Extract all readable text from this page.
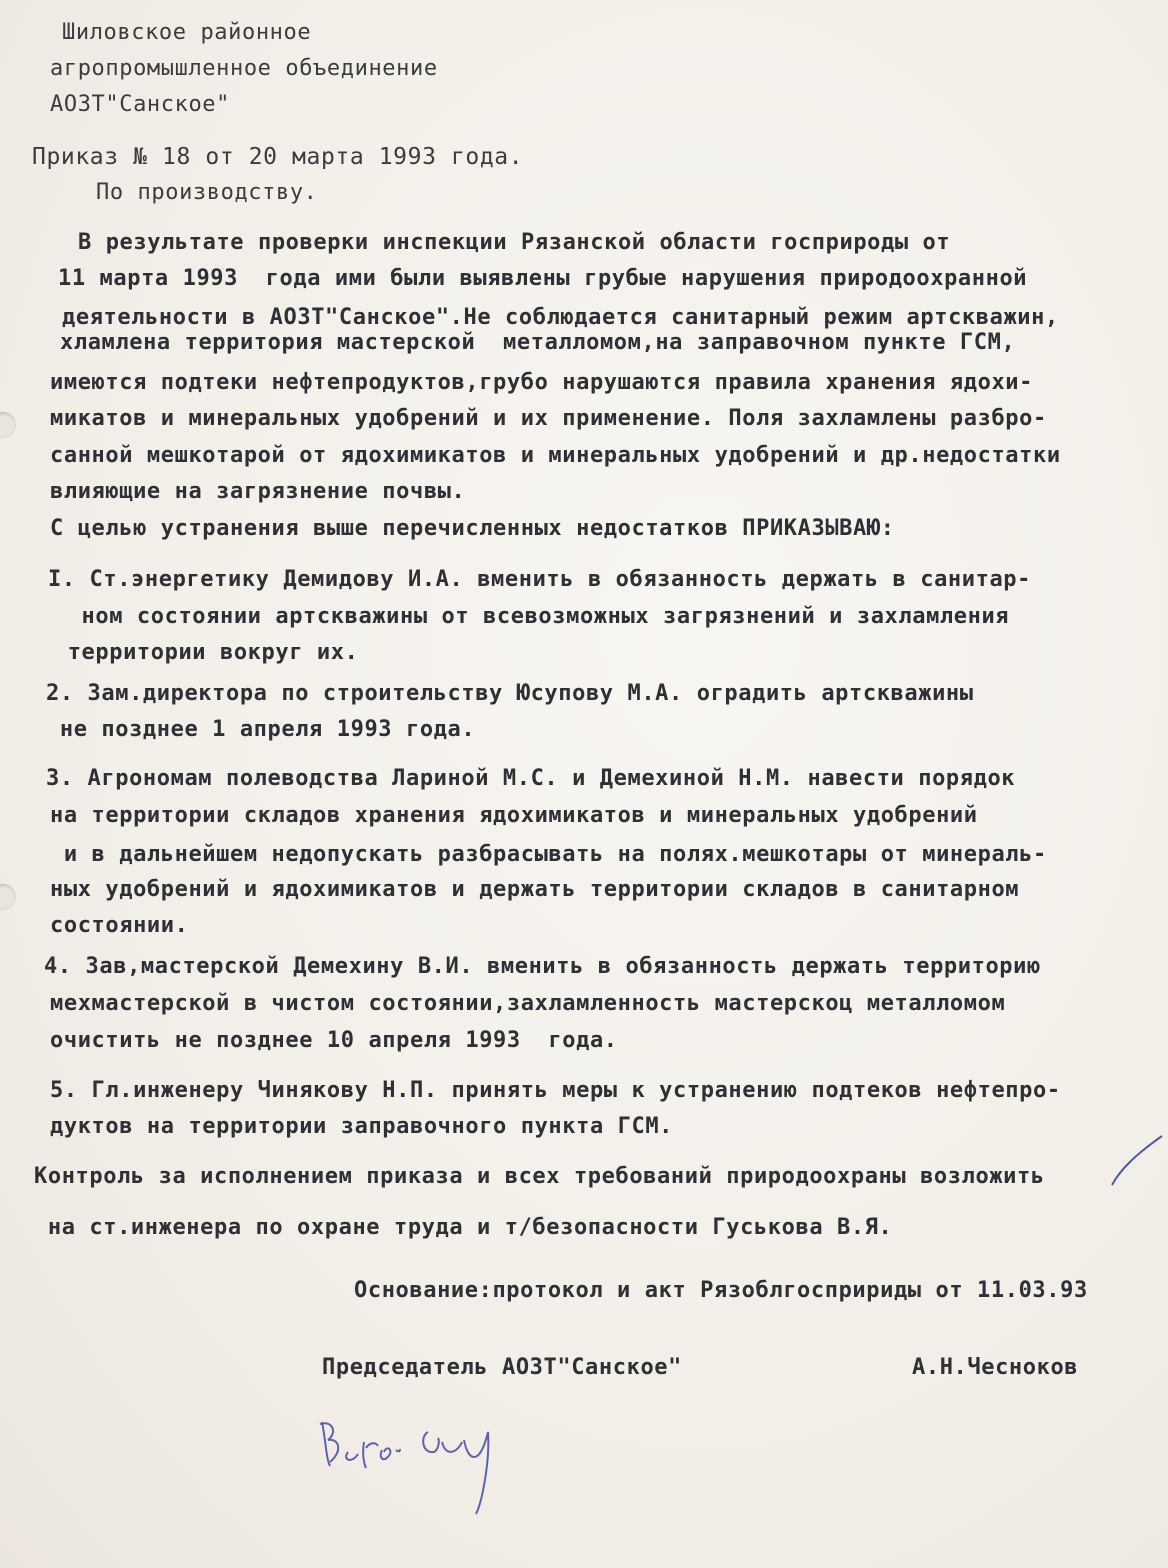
Шиловское районное
агропромышленное объединение
АОЗТ"Санское"
Приказ № 18 от 20 марта 1993 года.
По производству.
В результате проверки инспекции Рязанской области госприроды от
11 марта 1993  года ими были выявлены грубые нарушения природоохранной
деятельности в АОЗТ"Санское".Не соблюдается санитарный режим артскважин,
хламлена территория мастерской  металломом,на заправочном пункте ГСМ,
имеются подтеки нефтепродуктов,грубо нарушаются правила хранения ядохи-
микатов и минеральных удобрений и их применение. Поля захламлены разбро-
санной мешкотарой от ядохимикатов и минеральных удобрений и др.недостатки
влияющие на загрязнение почвы.
С целью устранения выше перечисленных недостатков ПРИКАЗЫВАЮ:
I. Ст.энергетику Демидову И.А. вменить в обязанность держать в санитар-
ном состоянии артскважины от всевозможных загрязнений и захламления
территории вокруг их.
2. Зам.директора по строительству Юсупову М.А. оградить артскважины
не позднее 1 апреля 1993 года.
3. Агрономам полеводства Лариной М.С. и Демехиной Н.М. навести порядок
на территории складов хранения ядохимикатов и минеральных удобрений
и в дальнейшем недопускать разбрасывать на полях.мешкотары от минераль-
ных удобрений и ядохимикатов и держать территории складов в санитарном
состоянии.
4. Зав,мастерской Демехину В.И. вменить в обязанность держать территорию
мехмастерской в чистом состоянии,захламленность мастерскоц металломом
очистить не позднее 10 апреля 1993  года.
5. Гл.инженеру Чинякову Н.П. принять меры к устранению подтеков нефтепро-
дуктов на территории заправочного пункта ГСМ.
Контроль за исполнением приказа и всех требований природоохраны возложить
на ст.инженера по охране труда и т/безопасности Гуськова В.Я.
Основание:протокол и акт Рязоблгоспририды от 11.03.93
Председатель АОЗТ"Санское"	А.Н.Чесноков
